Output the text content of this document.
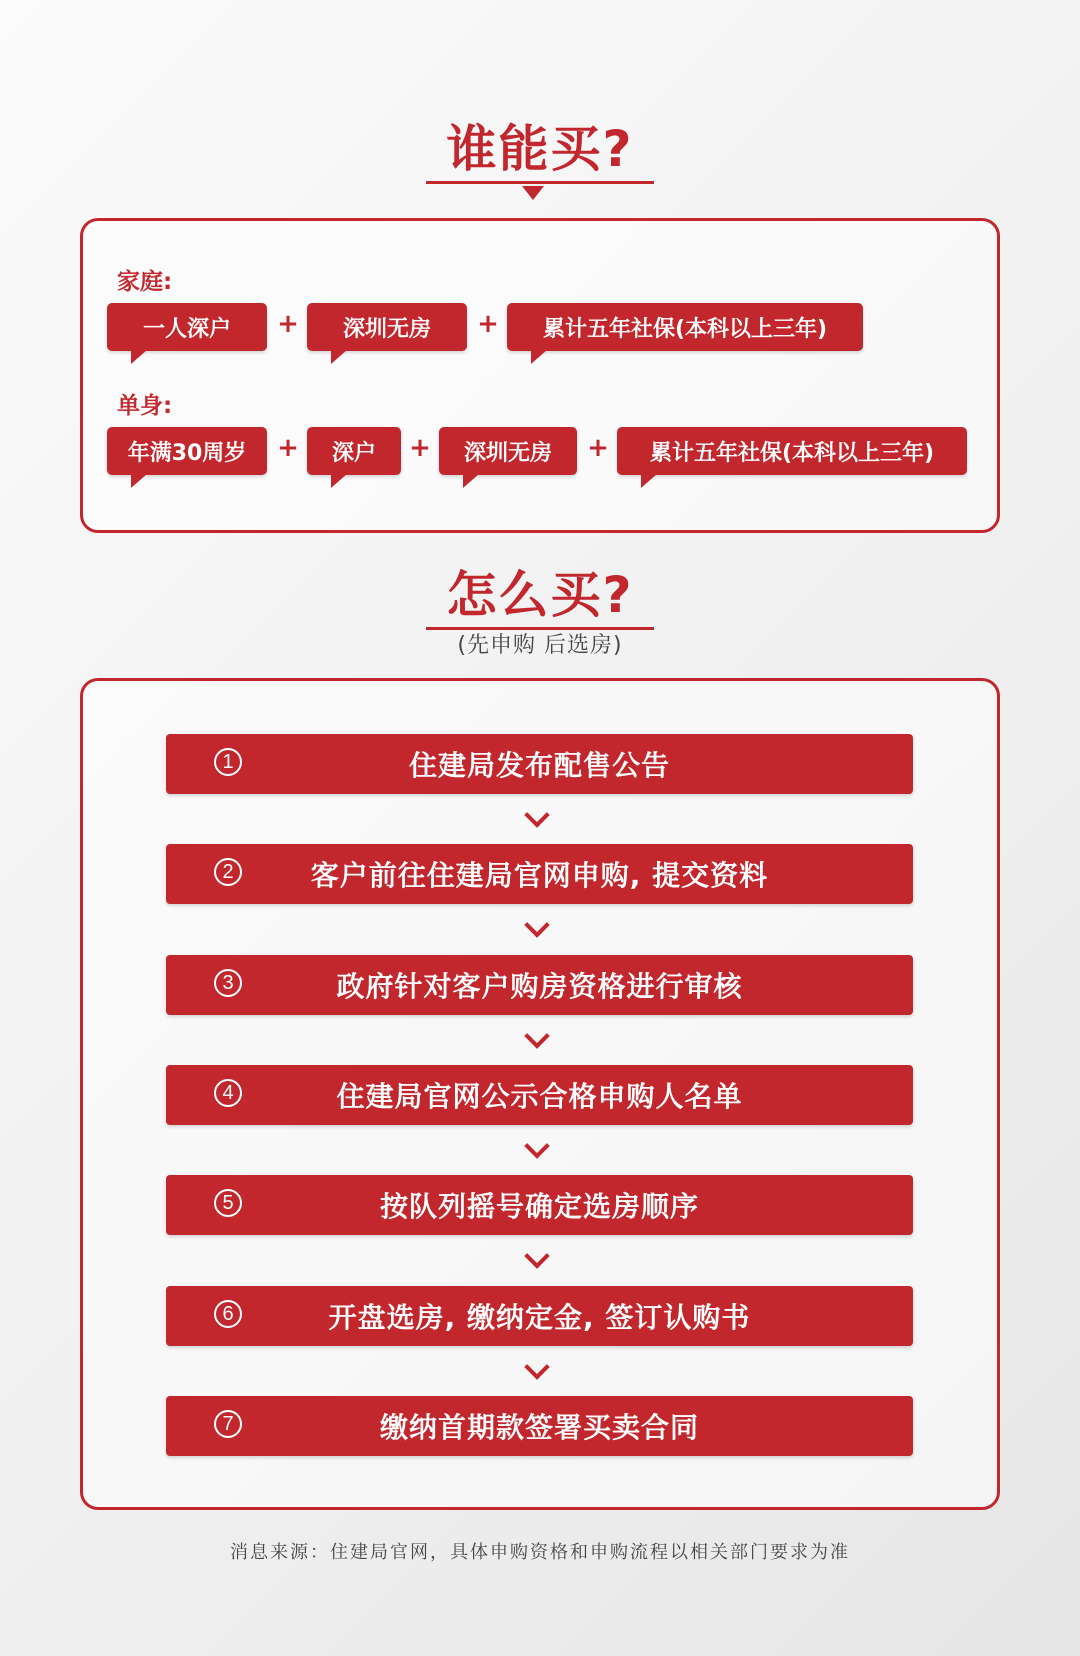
谁能买?
家庭:
一人深户	+	深圳无房	+	累计五年社保(本科以上三年)
单身:
年满30周岁	+	深户	+	深圳无房	+	累计五年社保(本科以上三年)
怎么买?
(先申购 后选房)
1	住建局发布配售公告
2	客户前往住建局官网申购, 提交资料
3	政府针对客户购房资格进行审核
4	住建局官网公示合格申购人名单
5	按队列摇号确定选房顺序
6	开盘选房, 缴纳定金, 签订认购书
7	缴纳首期款签署买卖合同
消息来源：住建局官网，具体申购资格和申购流程以相关部门要求为准
